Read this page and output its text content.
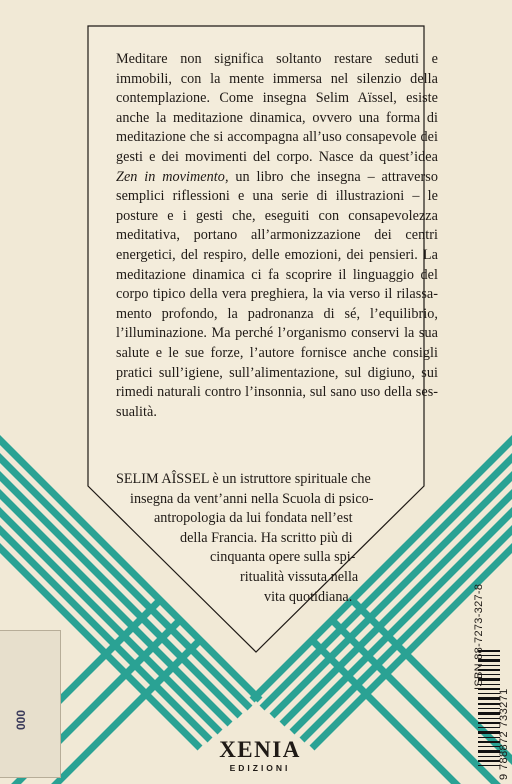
Meditare non significa soltanto restare seduti e immobili, con la mente immersa nel silenzio della contemplazione. Come insegna Selim Aïssel, esiste anche la meditazione dinamica, ovvero una forma di meditazione che si accompagna all’uso consapevole dei gesti e dei movimenti del corpo. Nasce da quest’idea Zen in movimento, un libro che insegna – attraverso semplici riflessioni e una serie di illustrazioni – le posture e i gesti che, eseguiti con consapevolezza meditativa, portano all’armonizzazione dei centri energetici, del respiro, delle emozioni, dei pensieri. La meditazione dinamica ci fa scoprire il linguaggio del corpo tipico della vera preghiera, la via verso il rilassamento profondo, la padronanza di sé, l’equilibrio, l’illuminazione. Ma perché l’organismo conservi la sua salute e le sue forze, l’autore fornisce anche consigli pratici sull’igiene, sull’alimentazione, sul digiuno, sui rimedi naturali contro l’insonnia, sul sano uso della sessualità.
SELIM AÎSSEL è un istruttore spirituale che
insegna da vent’anni nella Scuola di psico-
antropologia da lui fondata nell’est
della Francia. Ha scritto più di
cinquanta opere sulla spi-
ritualità vissuta nella
vita quotidiana.	ISBN 88-7273-327-8
9 788872 733271
000
XENIA
EDIZIONI
